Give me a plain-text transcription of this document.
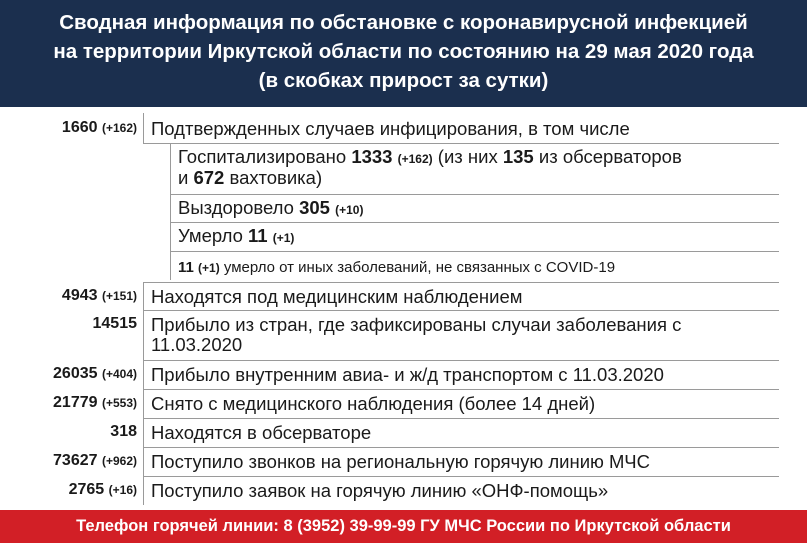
Сводная информация по обстановке с коронавирусной инфекцией
на территории Иркутской области по состоянию на 29 мая 2020 года
(в скобках прирост за сутки)
1660 (+162) Подтвержденных случаев инфицирования, в том числе
Госпитализировано 1333 (+162) (из них 135 из обсерваторов
и 672 вахтовика)
Выздоровело 305 (+10)
Умерло 11 (+1)
11 (+1) умерло от иных заболеваний, не связанных с COVID-19
4943 (+151) Находятся под медицинским наблюдением
14515 Прибыло из стран, где зафиксированы случаи заболевания с
11.03.2020
26035 (+404) Прибыло внутренним авиа- и ж/д транспортом с 11.03.2020
21779 (+553) Снято с медицинского наблюдения (более 14 дней)
318 Находятся в обсерваторе
73627 (+962) Поступило звонков на региональную горячую линию МЧС
2765 (+16) Поступило заявок на горячую линию «ОНФ-помощь»
Телефон горячей линии: 8 (3952) 39-99-99 ГУ МЧС России по Иркутской области
